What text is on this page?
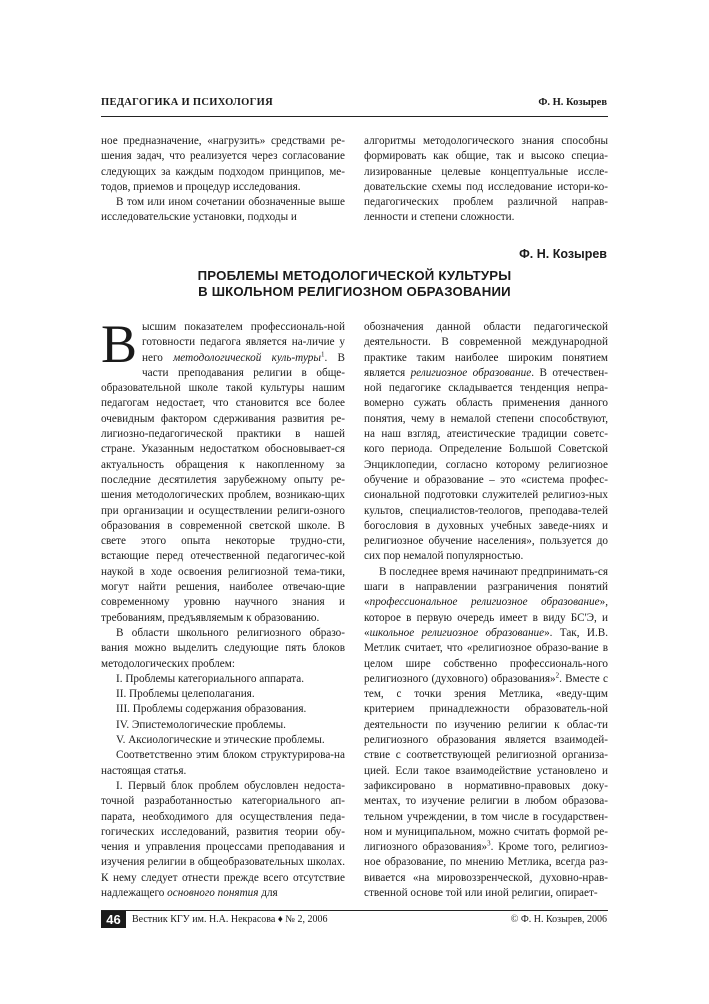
ПЕДАГОГИКА И ПСИХОЛОГИЯ	Ф. Н. Козырев

ное предназначение, «нагрузить» средствами ре-шения задач, что реализуется через согласование следующих за каждым подходом принципов, ме-тодов, приемов и процедур исследования.

В том или ином сочетании обозначенные выше исследовательские установки, подходы и

алгоритмы методологического знания способны формировать как общие, так и высоко специа-лизированные целевые концептуальные иссле-довательские схемы под исследование истори-ко-педагогических проблем различной направ-ленности и степени сложности.

Ф. Н. Козырев
ПРОБЛЕМЫ МЕТОДОЛОГИЧЕСКОЙ КУЛЬТУРЫ
В ШКОЛЬНОМ РЕЛИГИОЗНОМ ОБРАЗОВАНИИ

Высшим показателем профессиональ-ной готовности педагога является на-личие у него методологической куль-туры$^1$. В части преподавания религии в обще-образовательной школе такой культуры нашим педагогам недостает, что становится все более очевидным фактором сдерживания развития ре-лигиозно-педагогической практики в нашей стране. Указанным недостатком обосновывает-ся актуальность обращения к накопленному за последние десятилетия зарубежному опыту ре-шения методологических проблем, возникаю-щих при организации и осуществлении религи-озного образования в современной светской школе. В свете этого опыта некоторые трудно-сти, встающие перед отечественной педагогичес-кой наукой в ходе освоения религиозной тема-тики, могут найти решения, наиболее отвечаю-щие современному уровню научного знания и требованиям, предъявляемым к образованию.

В области школьного религиозного образо-вания можно выделить следующие пять блоков методологических проблем:

I. Проблемы категориального аппарата.

II. Проблемы целеполагания.

III. Проблемы содержания образования.

IV. Эпистемологические проблемы.

V. Аксиологические и этические проблемы.

Соответственно этим блоком структурирова-на настоящая статья.

I. Первый блок проблем обусловлен недоста-точной разработанностью категориального ап-парата, необходимого для осуществления педа-гогических исследований, развития теории обу-чения и управления процессами преподавания и изучения религии в общеобразовательных школах. К нему следует отнести прежде всего отсутствие надлежащего основного понятия для

обозначения данной области педагогической деятельности. В современной международной практике таким наиболее широким понятием является религиозное образование. В отечествен-ной педагогике складывается тенденция непра-вомерно сужать область применения данного понятия, чему в немалой степени способствуют, на наш взгляд, атеистические традиции советс-кого периода. Определение Большой Советской Энциклопедии, согласно которому религиозное обучение и образование – это «система профес-сиональной подготовки служителей религиоз-ных культов, специалистов-теологов, преподава-телей богословия в духовных учебных заведе-ниях и религиозное обучение населения», пользуется до сих пор немалой популярностью.

В последнее время начинают предпринимать-ся шаги в направлении разграничения понятий «профессиональное религиозное образование», которое в первую очередь имеет в виду БС'Э, и «школьное религиозное образование». Так, И.В. Метлик считает, что «религиозное образо-вание в целом шире собственно профессиональ-ного религиозного (духовного) образования»$^2$. Вместе с тем, с точки зрения Метлика, «веду-щим критерием принадлежности образователь-ной деятельности по изучению религии к облас-ти религиозного образования является взаимодей-ствие с соответствующей религиозной организа-цией. Если такое взаимодействие установлено и зафиксировано в нормативно-правовых доку-ментах, то изучение религии в любом образова-тельном учреждении, в том числе в государствен-ном и муниципальном, можно считать формой ре-лигиозного образования»$^3$. Кроме того, религиоз-ное образование, по мнению Метлика, всегда раз-вивается «на мировоззренческой, духовно-нрав-ственной основе той или иной религии, опирает-

46	Вестник КГУ им. Н.А. Некрасова ♦ № 2, 2006	© Ф. Н. Козырев, 2006
